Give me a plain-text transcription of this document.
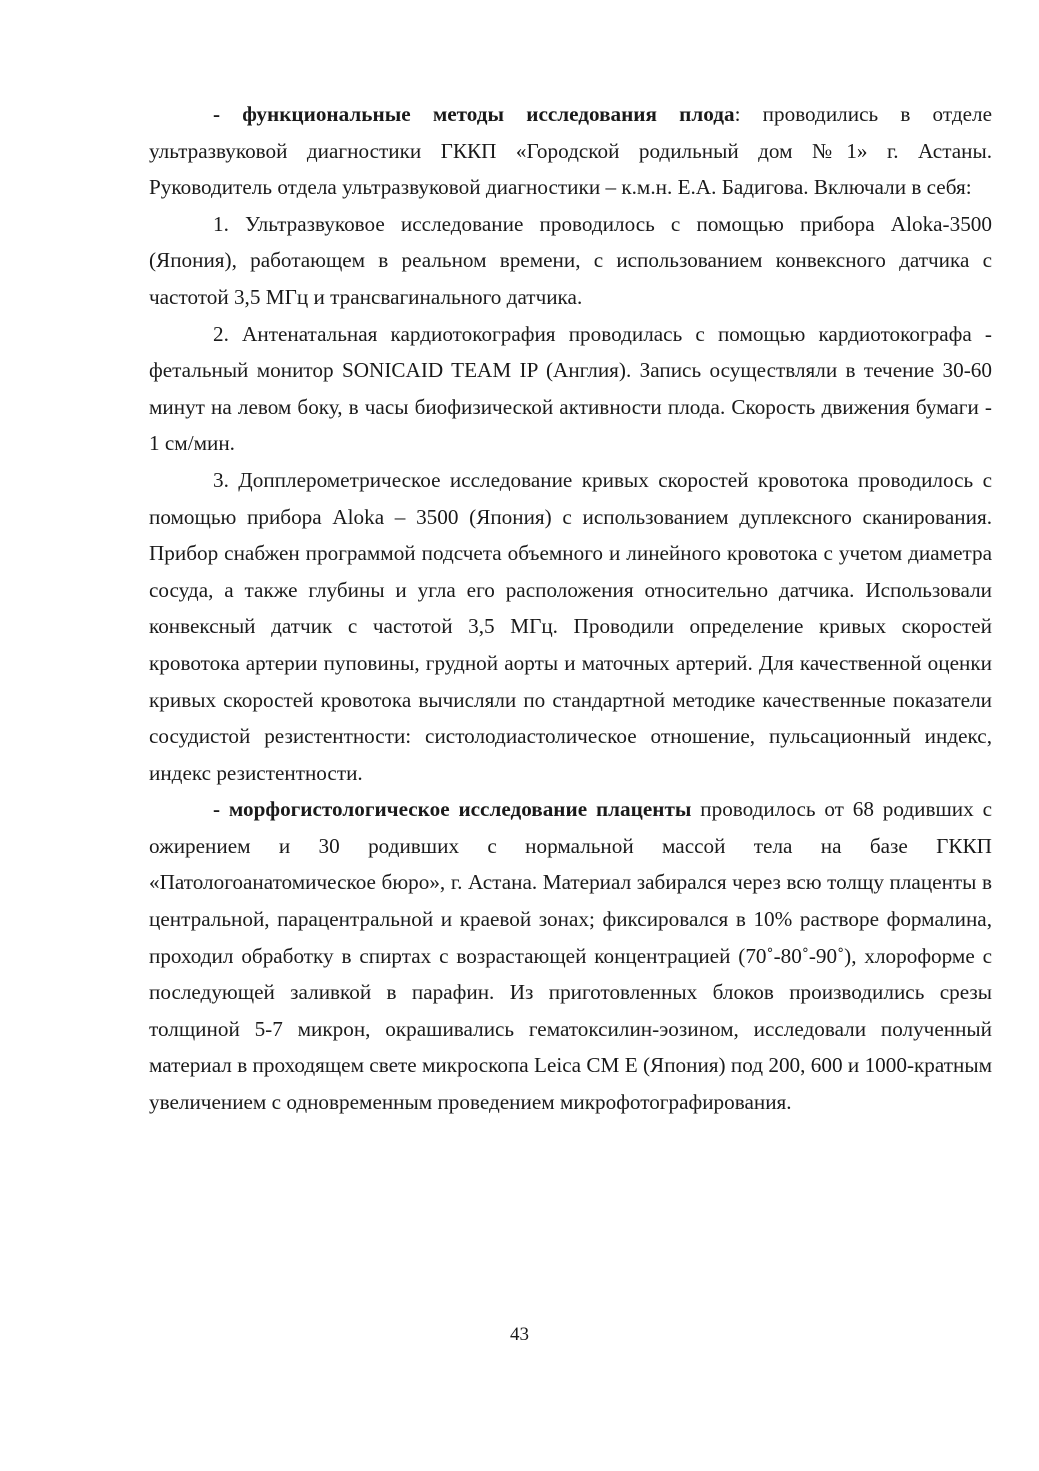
- функциональные методы исследования плода: проводились в отделе ультразвуковой диагностики ГККП «Городской родильный дом №1» г. Астаны. Руководитель отдела ультразвуковой диагностики – к.м.н. Е.А. Бадигова. Включали в себя:

1. Ультразвуковое исследование проводилось с помощью прибора Aloka-3500 (Япония), работающем в реальном времени, с использованием конвексного датчика с частотой 3,5 МГц и трансвагинального датчика.

2. Антенатальная кардиотокография проводилась с помощью кардиотокографа - фетальный монитор SONICAID TEAM IP (Англия). Запись осуществляли в течение 30-60 минут на левом боку, в часы биофизической активности плода. Скорость движения бумаги - 1 см/мин.

3. Допплерометрическое исследование кривых скоростей кровотока проводилось с помощью прибора Aloka – 3500 (Япония) с использованием дуплексного сканирования. Прибор снабжен программой подсчета объемного и линейного кровотока с учетом диаметра сосуда, а также глубины и угла его расположения относительно датчика. Использовали конвексный датчик с частотой 3,5 МГц. Проводили определение кривых скоростей кровотока артерии пуповины, грудной аорты и маточных артерий. Для качественной оценки кривых скоростей кровотока вычисляли по стандартной методике качественные показатели сосудистой резистентности: систолодиастолическое отношение, пульсационный индекс, индекс резистентности.

- морфогистологическое исследование плаценты проводилось от 68 родивших с ожирением и 30 родивших с нормальной массой тела на базе ГККП «Патологоанатомическое бюро», г. Астана. Материал забирался через всю толщу плаценты в центральной, парацентральной и краевой зонах; фиксировался в 10% растворе формалина, проходил обработку в спиртах с возрастающей концентрацией (70˚-80˚-90˚), хлороформе с последующей заливкой в парафин. Из приготовленных блоков производились срезы толщиной 5-7 микрон, окрашивались гематоксилин-эозином, исследовали полученный материал в проходящем свете микроскопа Leica CM E (Япония) под 200, 600 и 1000-кратным увеличением с одновременным проведением микрофотографирования.

43
